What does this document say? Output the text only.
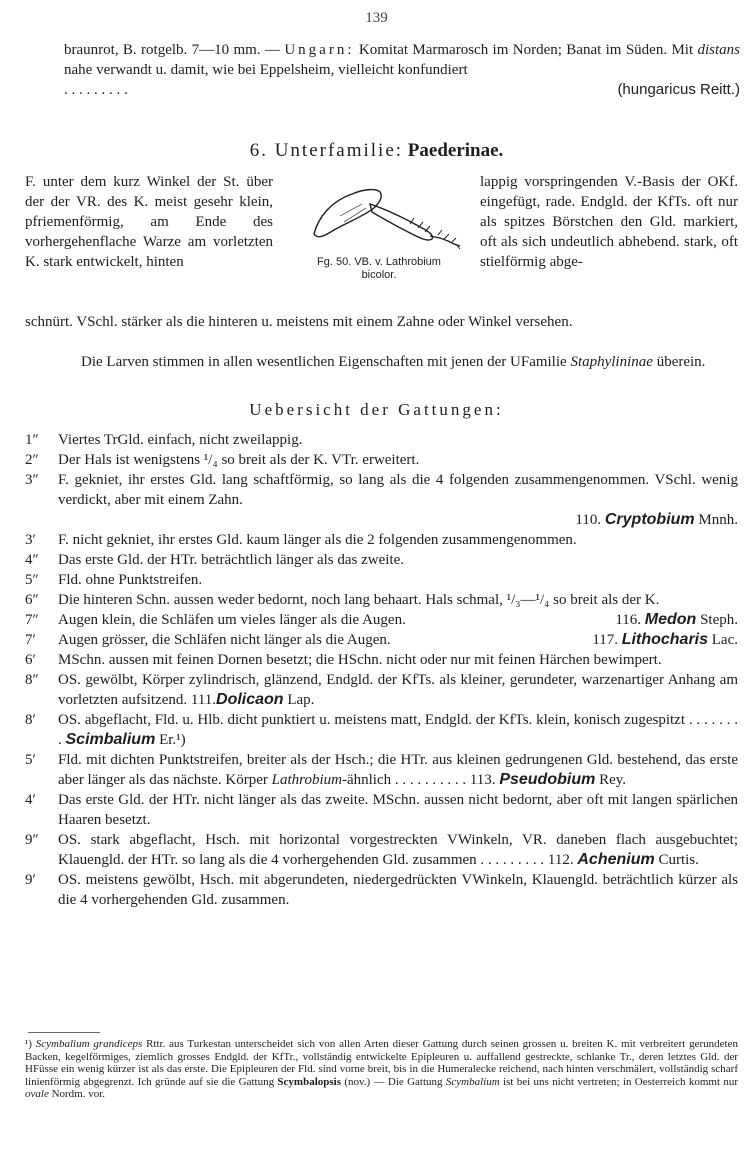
139

braunrot, B. rotgelb. 7—10 mm. — Ungarn: Komitat Marmarosch im Norden; Banat im Süden. Mit distans nahe verwandt u. damit, wie bei Eppelsheim, vielleicht konfundiert

. . . . . . . . .	(hungaricus Reitt.)
6. Unterfamilie: Paederinae.
F. unter dem kurz Winkel der St. über der der VR. des K. meist gesehr klein, pfriemenförmig, am Ende des vorhergehenflache Warze am vorletzten K. stark entwickelt, hinten	Fg. 50. VB. v. Lathrobium
bicolor.
lappig vorspringenden V.-Basis der OKf. eingefügt, rade. Endgld. der KfTs. oft nur als spitzes Börstchen den Gld. markiert, oft als sich undeutlich abhebend. stark, oft stielförmig abge-
schnürt. VSchl. stärker als die hinteren u. meistens mit einem Zahne oder Winkel versehen.

Die Larven stimmen in allen wesentlichen Eigenschaften mit jenen der UFamilie Staphylininae überein.

Uebersicht der Gattungen:
1″ Viertes TrGld. einfach, nicht zweilappig.
2″ Der Hals ist wenigstens ¹/₄ so breit als der K. VTr. erweitert.
3″ F. gekniet, ihr erstes Gld. lang schaftförmig, so lang als die 4 folgenden zusammengenommen. VSchl. wenig verdickt, aber mit einem Zahn.
110. Cryptobium Mnnh.
3′ F. nicht gekniet, ihr erstes Gld. kaum länger als die 2 folgenden zusammengenommen.
4″ Das erste Gld. der HTr. beträchtlich länger als das zweite.
5″ Fld. ohne Punktstreifen.
6″ Die hinteren Schn. aussen weder bedornt, noch lang behaart. Hals schmal, ¹/₃—¹/₄ so breit als der K.
7″ Augen klein, die Schläfen um vieles länger als die Augen.	116. Medon Steph.
7′ Augen grösser, die Schläfen nicht länger als die Augen.	117. Lithocharis Lac.
6′ MSchn. aussen mit feinen Dornen besetzt; die HSchn. nicht oder nur mit feinen Härchen bewimpert.
8″ OS. gewölbt, Körper zylindrisch, glänzend, Endgld. der KfTs. als kleiner, gerundeter, warzenartiger Anhang am vorletzten aufsitzend. 111.Dolicaon Lap.
8′ OS. abgeflacht, Fld. u. Hlb. dicht punktiert u. meistens matt, Endgld. der KfTs. klein, konisch zugespitzt . . . . . . . . Scimbalium Er.¹)
5′ Fld. mit dichten Punktstreifen, breiter als der Hsch.; die HTr. aus kleinen gedrungenen Gld. bestehend, das erste aber länger als das nächste. Körper Lathrobium-ähnlich . . . . . . . . . . 113. Pseudobium Rey.
4′ Das erste Gld. der HTr. nicht länger als das zweite. MSchn. aussen nicht bedornt, aber oft mit langen spärlichen Haaren besetzt.
9″ OS. stark abgeflacht, Hsch. mit horizontal vorgestreckten VWinkeln, VR. daneben flach ausgebuchtet; Klauengld. der HTr. so lang als die 4 vorhergehenden Gld. zusammen . . . . . . . . . 112. Achenium Curtis.
9′ OS. meistens gewölbt, Hsch. mit abgerundeten, niedergedrückten VWinkeln, Klauengld. beträchtlich kürzer als die 4 vorhergehenden Gld. zusammen.

¹) Scymbalium grandiceps Rttr. aus Turkestan unterscheidet sich von allen Arten dieser Gattung durch seinen grossen u. breiten K. mit verbreitert gerundeten Backen, kegelförmiges, ziemlich grosses Endgld. der KfTr., vollständig entwickelte Epipleuren u. auffallend gestreckte, schlanke Tr., deren letztes Gld. der HFüsse ein wenig kürzer ist als das erste. Die Epipleuren der Fld. sind vorne breit, bis in die Humeralecke reichend, nach hinten verschmälert, vollständig scharf linienförmig abgegrenzt. Ich gründe auf sie die Gattung Scymbalopsis (nov.) — Die Gattung Scymbalium ist bei uns nicht vertreten; in Oesterreich kommt nur ovale Nordm. vor.
